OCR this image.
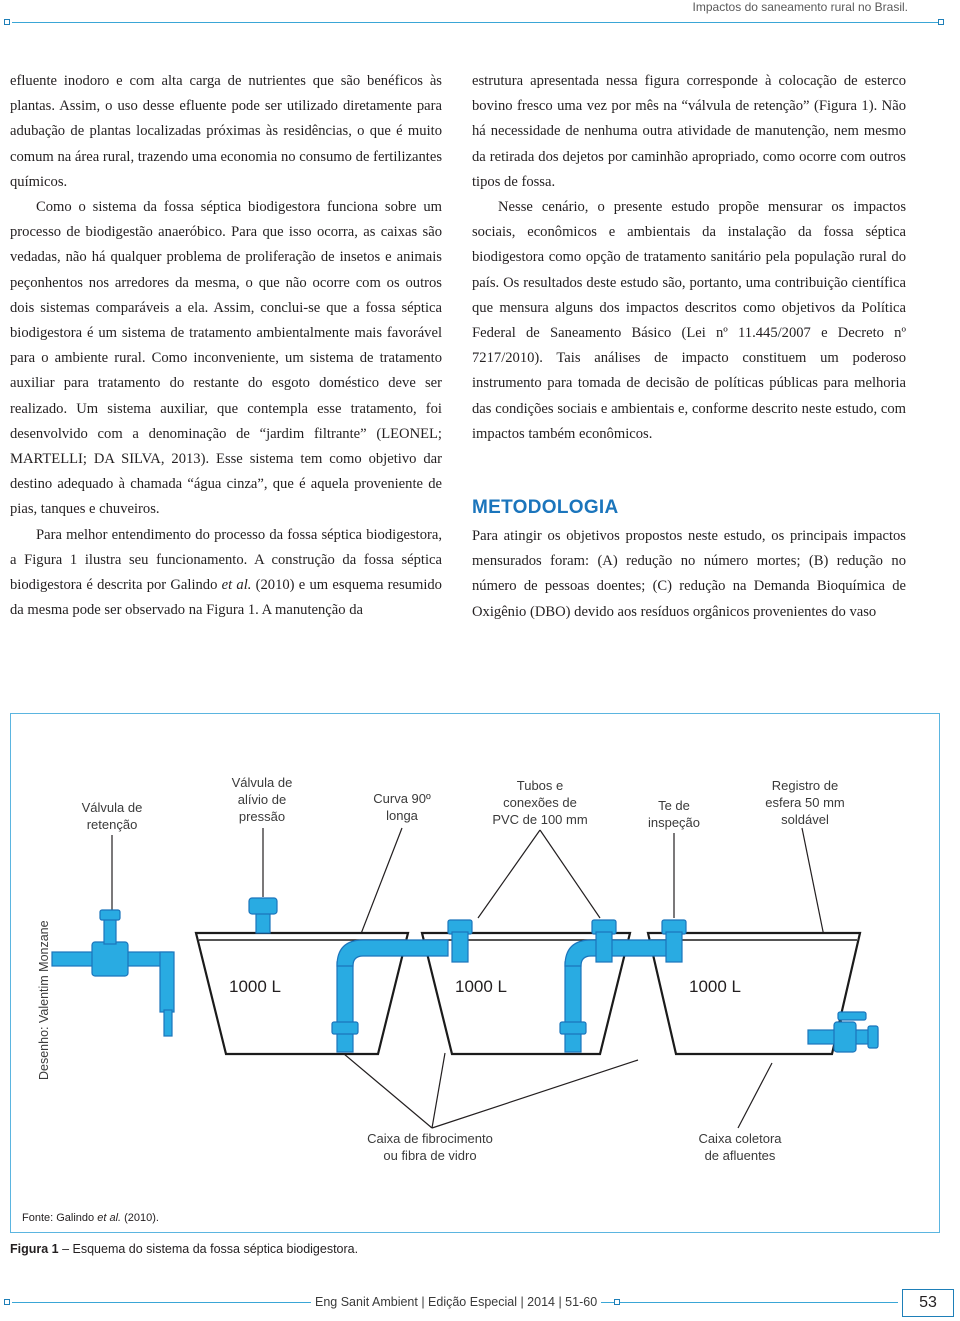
Impactos do saneamento rural no Brasil.

efluente inodoro e com alta carga de nutrientes que são benéficos às plantas. Assim, o uso desse efluente pode ser utilizado diretamente para adubação de plantas localizadas próximas às residências, o que é muito comum na área rural, trazendo uma economia no consumo de fertilizantes químicos.

Como o sistema da fossa séptica biodigestora funciona sobre um processo de biodigestão anaeróbico. Para que isso ocorra, as caixas são vedadas, não há qualquer problema de proliferação de insetos e animais peçonhentos nos arredores da mesma, o que não ocorre com os outros dois sistemas comparáveis a ela. Assim, conclui-se que a fossa séptica biodigestora é um sistema de tratamento ambientalmente mais favorável para o ambiente rural. Como inconveniente, um sistema de tratamento auxiliar para tratamento do restante do esgoto doméstico deve ser realizado. Um sistema auxiliar, que contempla esse tratamento, foi desenvolvido com a denominação de “jardim filtrante” (LEONEL; MARTELLI; DA SILVA, 2013). Esse sistema tem como objetivo dar destino adequado à chamada “água cinza”, que é aquela proveniente de pias, tanques e chuveiros.

Para melhor entendimento do processo da fossa séptica biodigestora, a Figura 1 ilustra seu funcionamento. A construção da fossa séptica biodigestora é descrita por Galindo et al. (2010) e um esquema resumido da mesma pode ser observado na Figura 1. A manutenção da

estrutura apresentada nessa figura corresponde à colocação de esterco bovino fresco uma vez por mês na “válvula de retenção” (Figura 1). Não há necessidade de nenhuma outra atividade de manutenção, nem mesmo da retirada dos dejetos por caminhão apropriado, como ocorre com outros tipos de fossa.

Nesse cenário, o presente estudo propõe mensurar os impactos sociais, econômicos e ambientais da instalação da fossa séptica biodigestora como opção de tratamento sanitário pela população rural do país. Os resultados deste estudo são, portanto, uma contribuição científica que mensura alguns dos impactos descritos como objetivos da Política Federal de Saneamento Básico (Lei nº 11.445/2007 e Decreto nº 7217/2010). Tais análises de impacto constituem um poderoso instrumento para tomada de decisão de políticas públicas para melhoria das condições sociais e ambientais e, conforme descrito neste estudo, com impactos também econômicos.

METODOLOGIA

Para atingir os objetivos propostos neste estudo, os principais impactos mensurados foram: (A) redução no número mortes; (B) redução no número de pessoas doentes; (C) redução na Demanda Bioquímica de Oxigênio (DBO) devido aos resíduos orgânicos provenientes do vaso

Desenho: Valentim Monzane	1000 L	1000 L	1000 L
Válvula de
retenção
Válvula de
alívio de
pressão
Curva 90º
longa
Tubos e
conexões de
PVC de 100 mm
Te de
inspeção
Registro de
esfera 50 mm
soldável
Caixa de fibrocimento
ou fibra de vidro
Caixa coletora
de afluentes
Fonte: Galindo et al. (2010).
Figura 1 – Esquema do sistema da fossa séptica biodigestora.
Eng Sanit Ambient | Edição Especial | 2014 | 51-60	53
